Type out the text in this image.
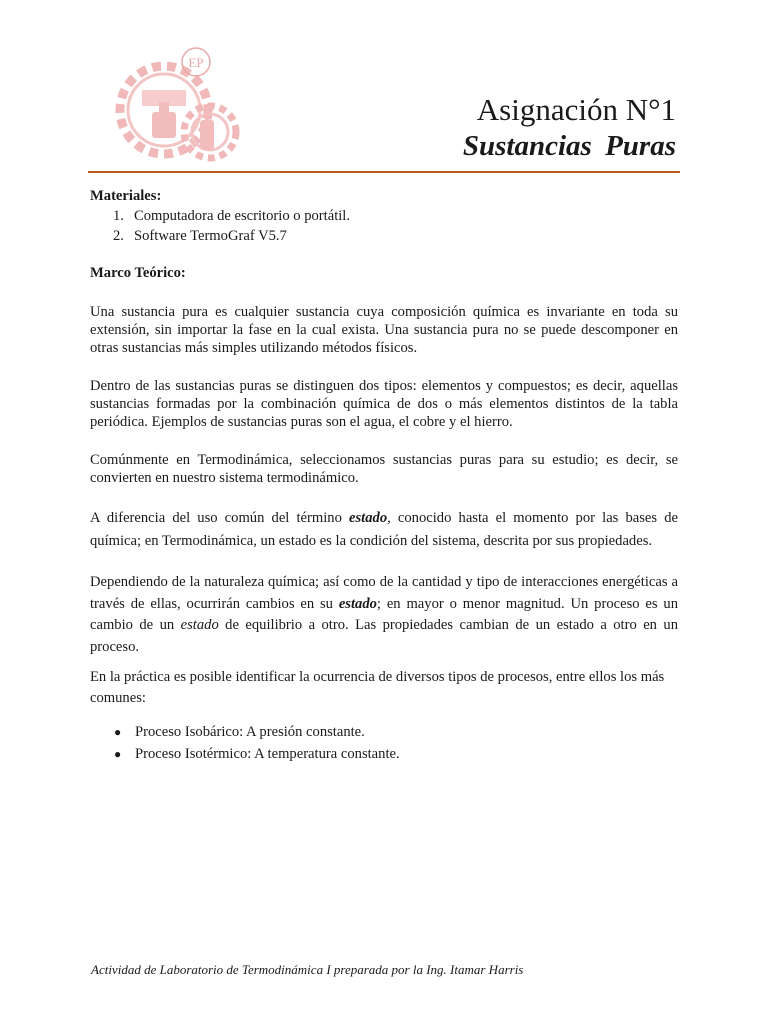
EP
Asignación N°1
Sustancias Puras
Materiales:
1. Computadora de escritorio o portátil.
2. Software TermoGraf V5.7
Marco Teórico:

Una sustancia pura es cualquier sustancia cuya composición química es invariante en toda su extensión, sin importar la fase en la cual exista. Una sustancia pura no se puede descomponer en otras sustancias más simples utilizando métodos físicos.

Dentro de las sustancias puras se distinguen dos tipos: elementos y compuestos; es decir, aquellas sustancias formadas por la combinación química de dos o más elementos distintos de la tabla periódica. Ejemplos de sustancias puras son el agua, el cobre y el hierro.

Comúnmente en Termodinámica, seleccionamos sustancias puras para su estudio; es decir, se convierten en nuestro sistema termodinámico.

A diferencia del uso común del término estado, conocido hasta el momento por las bases de química; en Termodinámica, un estado es la condición del sistema, descrita por sus propiedades.

Dependiendo de la naturaleza química; así como de la cantidad y tipo de interacciones energéticas a través de ellas, ocurrirán cambios en su estado; en mayor o menor magnitud. Un proceso es un cambio de un estado de equilibrio a otro. Las propiedades cambian de un estado a otro en un proceso.

En la práctica es posible identificar la ocurrencia de diversos tipos de procesos, entre ellos los más comunes:

● Proceso Isobárico: A presión constante.
● Proceso Isotérmico: A temperatura constante.
Actividad de Laboratorio de Termodinámica I preparada por la Ing. Itamar Harris
